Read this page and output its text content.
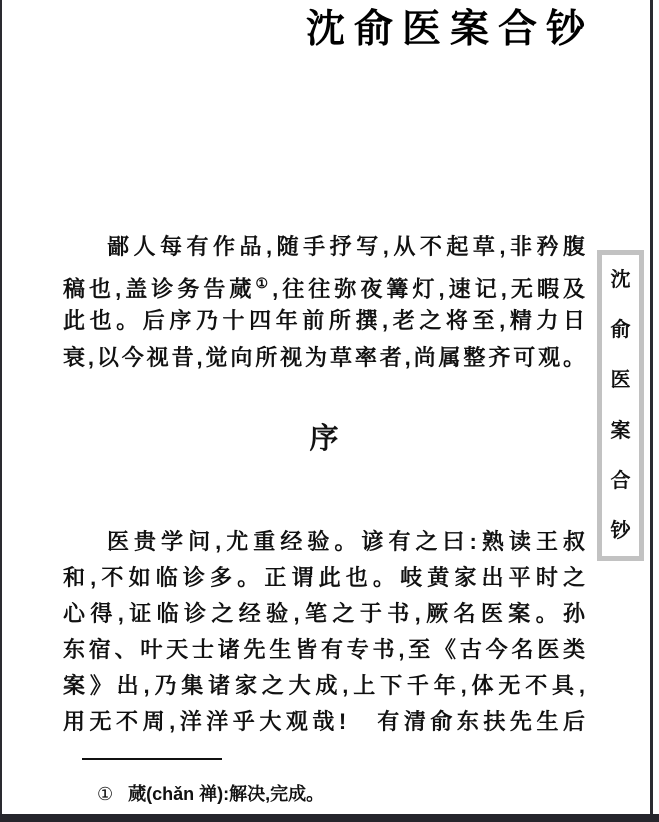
沈俞医案合钞
鄙人每有作品,随手抒写,从不起草,非矜腹
稿也,盖诊务告蒇①,往往弥夜篝灯,速记,无暇及
此也。后序乃十四年前所撰,老之将至,精力日
衰,以今视昔,觉向所视为草率者,尚属整齐可观。
序
医贵学问,尤重经验。谚有之曰:熟读王叔
和,不如临诊多。正谓此也。岐黄家出平时之
心得,证临诊之经验,笔之于书,厥名医案。孙
东宿、叶天士诸先生皆有专书,至《古今名医类
案》出,乃集诸家之大成,上下千年,体无不具,
用无不周,洋洋乎大观哉!　有清俞东扶先生后
① 蒇(chǎn 禅):解决,完成。
沈
俞
医
案
合
钞
